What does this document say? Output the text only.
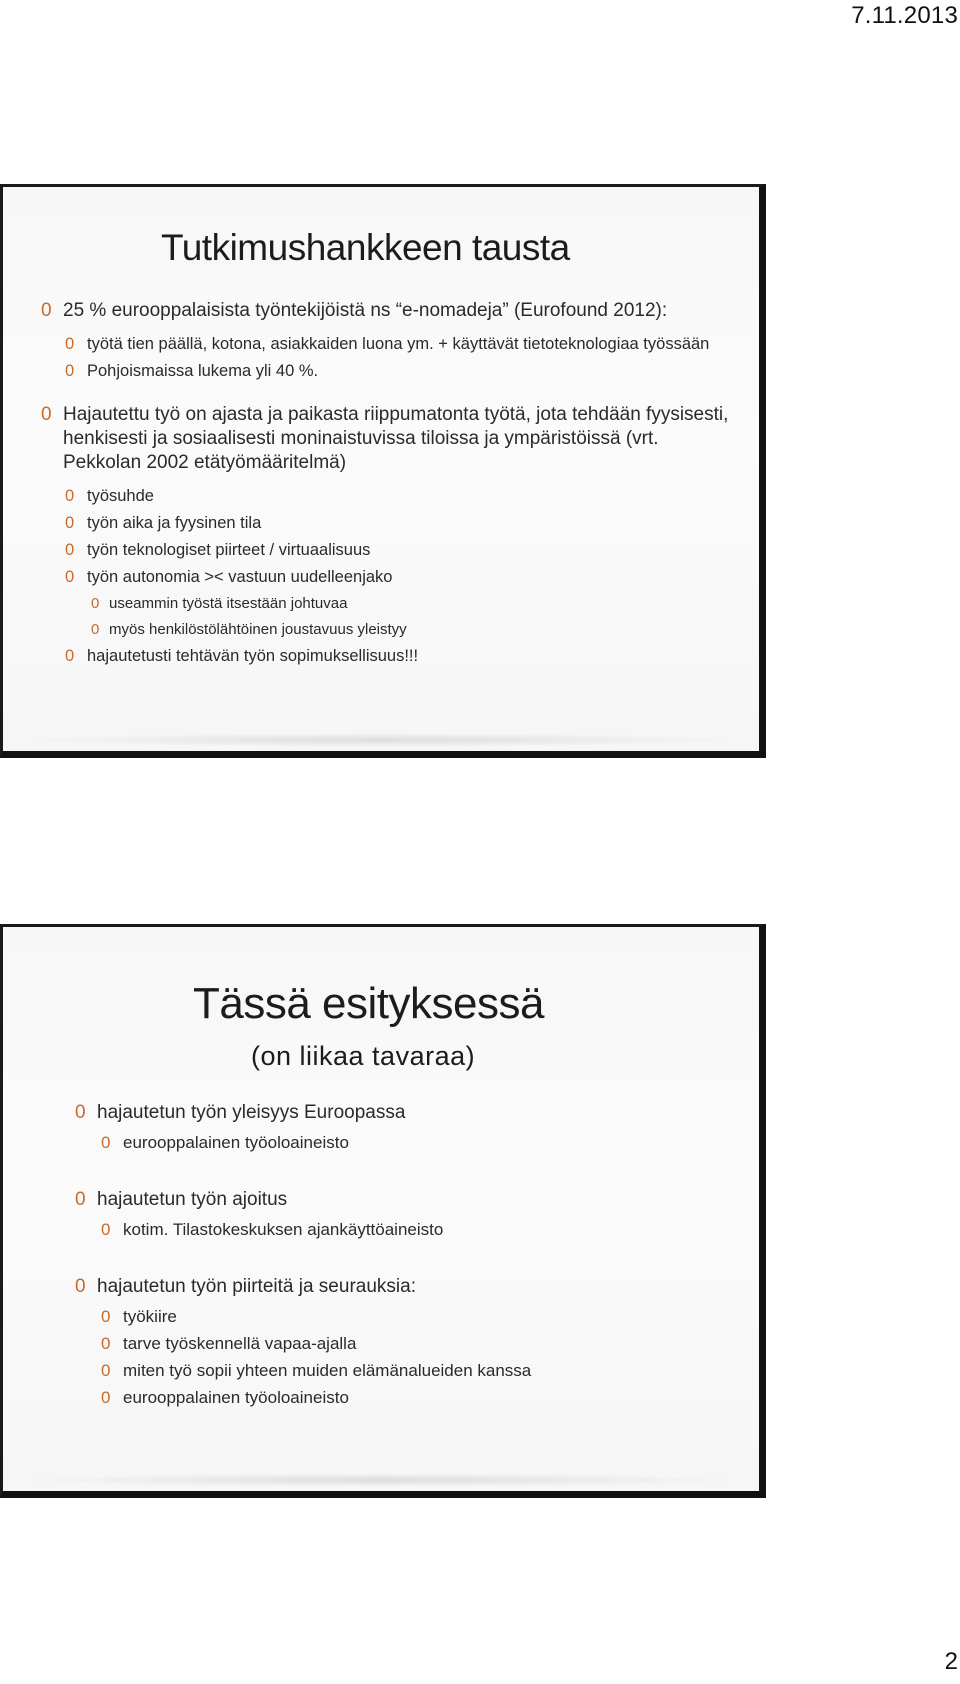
7.11.2013
Tutkimushankkeen tausta
0 25 % eurooppalaisista työntekijöistä ns “e-nomadeja” (Eurofound 2012):
0 työtä tien päällä, kotona, asiakkaiden luona ym. + käyttävät tietoteknologiaa työssään
0 Pohjoismaissa lukema yli 40 %.
0 Hajautettu työ on ajasta ja paikasta riippumatonta työtä, jota tehdään fyysisesti, henkisesti ja sosiaalisesti moninaistuvissa tiloissa ja ympäristöissä (vrt. Pekkolan 2002 etätyömääritelmä)
0 työsuhde
0 työn aika ja fyysinen tila
0 työn teknologiset piirteet / virtuaalisuus
0 työn autonomia >< vastuun uudelleenjako
0 useammin työstä itsestään johtuvaa
0 myös henkilöstölähtöinen joustavuus yleistyy
0 hajautetusti tehtävän työn sopimuksellisuus!!!
Tässä esityksessä
(on liikaa tavaraa)
0 hajautetun työn yleisyys Euroopassa
0 eurooppalainen työoloaineisto
0 hajautetun työn ajoitus
0 kotim. Tilastokeskuksen ajankäyttöaineisto
0 hajautetun työn piirteitä ja seurauksia:
0 työkiire
0 tarve työskennellä vapaa-ajalla
0 miten työ sopii yhteen muiden elämänalueiden kanssa
0 eurooppalainen työoloaineisto
2
